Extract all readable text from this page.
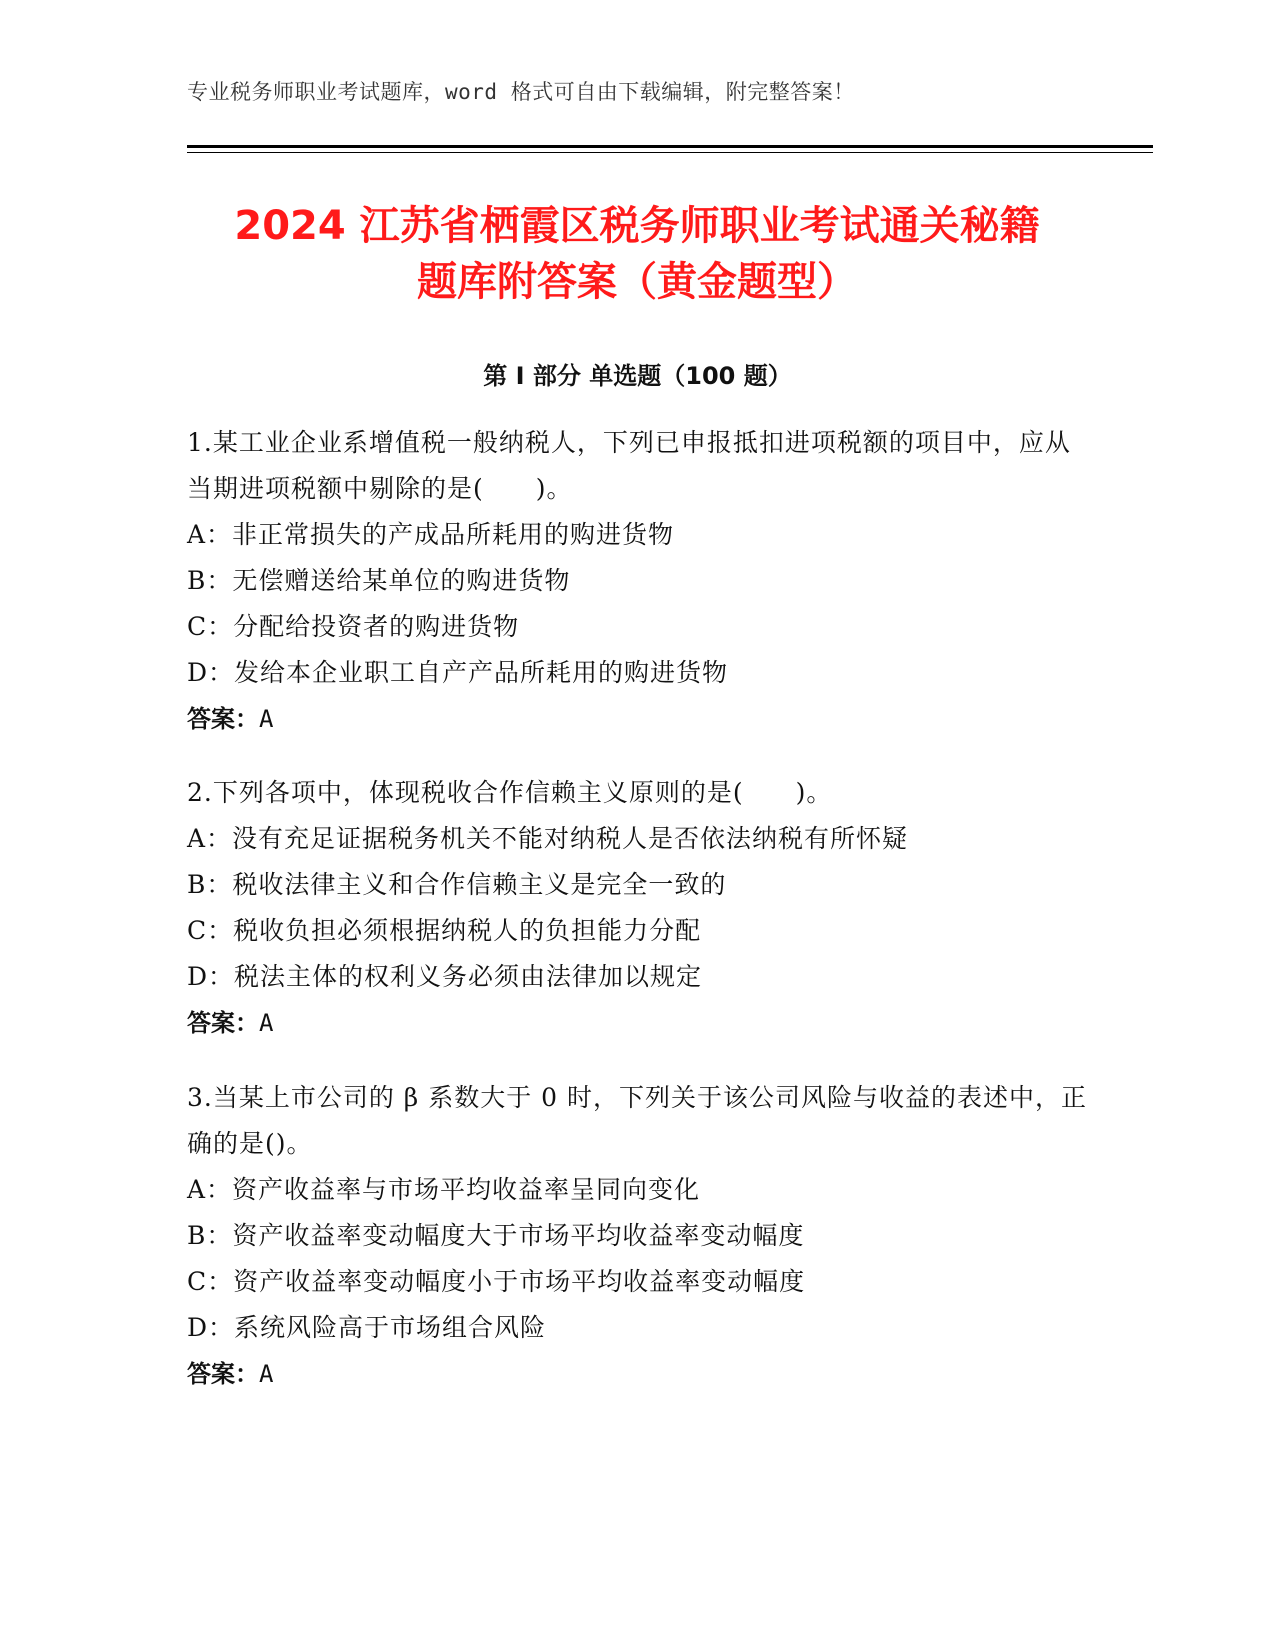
专业税务师职业考试题库，word 格式可自由下载编辑，附完整答案！
2024 江苏省栖霞区税务师职业考试通关秘籍
题库附答案（黄金题型）
第 I 部分 单选题（100 题）
1.某工业企业系增值税一般纳税人，下列已申报抵扣进项税额的项目中，应从当期进项税额中剔除的是(　　)。
A：非正常损失的产成品所耗用的购进货物
B：无偿赠送给某单位的购进货物
C：分配给投资者的购进货物
D：发给本企业职工自产产品所耗用的购进货物
答案：A
2.下列各项中，体现税收合作信赖主义原则的是(　　)。
A：没有充足证据税务机关不能对纳税人是否依法纳税有所怀疑
B：税收法律主义和合作信赖主义是完全一致的
C：税收负担必须根据纳税人的负担能力分配
D：税法主体的权利义务必须由法律加以规定
答案：A
3.当某上市公司的 β 系数大于 0 时，下列关于该公司风险与收益的表述中，正确的是()。
A：资产收益率与市场平均收益率呈同向变化
B：资产收益率变动幅度大于市场平均收益率变动幅度
C：资产收益率变动幅度小于市场平均收益率变动幅度
D：系统风险高于市场组合风险
答案：A
